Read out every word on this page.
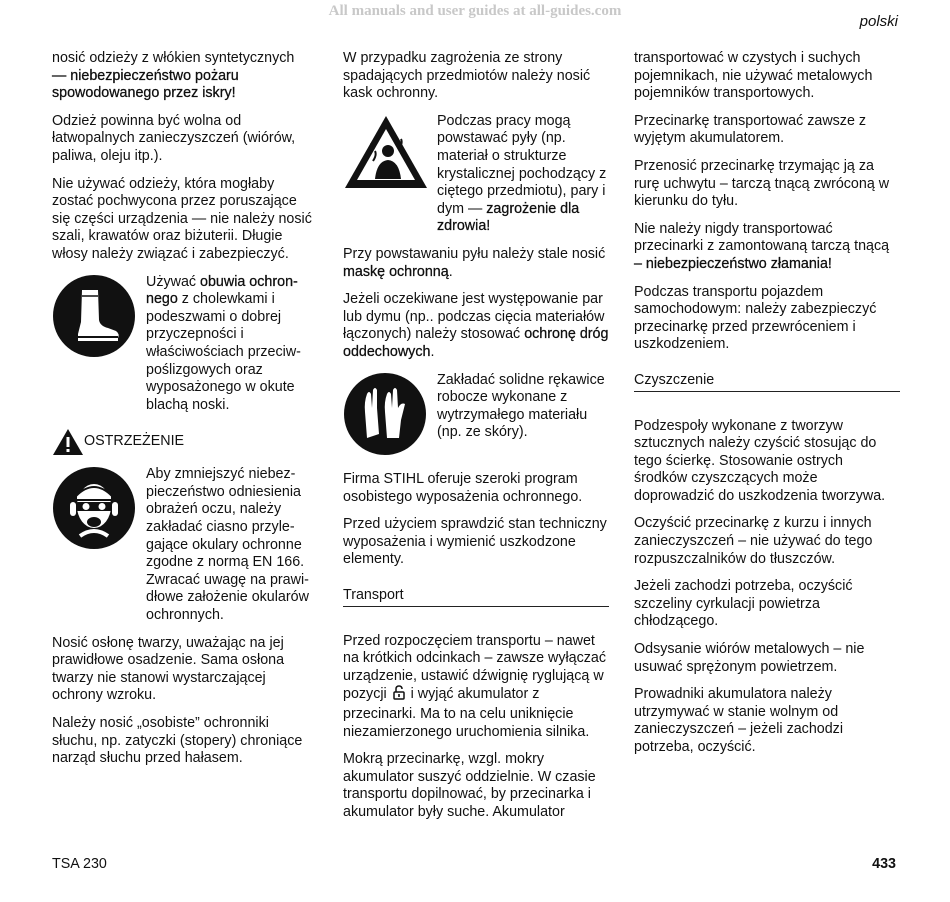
All manuals and user guides at all-guides.com
polski

nosić odzieży z włókien syntetycznych
— niebezpieczeństwo pożaru spowodowanego przez iskry!

Odzież powinna być wolna od łatwopalnych zanieczyszczeń (wiórów, paliwa, oleju itp.).

Nie używać odzieży, która mogłaby zostać pochwycona przez poruszające się części urządzenia — nie należy nosić szali, krawatów oraz biżuterii. Długie włosy należy związać i zabezpieczyć.

Używać obuwia ochronnego z cholewkami i podeszwami o dobrej przyczepności i właściwościach przeciwpoślizgowych oraz wyposażonego w okute blachą noski.

OSTRZEŻENIE

Aby zmniejszyć niebezpieczeństwo odniesienia obrażeń oczu, należy zakładać ciasno przylegające okulary ochronne zgodne z normą EN 166. Zwracać uwagę na prawidłowe założenie okularów ochronnych.

Nosić osłonę twarzy, uważając na jej prawidłowe osadzenie. Sama osłona twarzy nie stanowi wystarczającej ochrony wzroku.

Należy nosić „osobiste” ochronniki słuchu, np. zatyczki (stopery) chroniące narząd słuchu przed hałasem.

W przypadku zagrożenia ze strony spadających przedmiotów należy nosić kask ochronny.

Podczas pracy mogą powstawać pyły (np. materiał o strukturze krystalicznej pochodzący z ciętego przedmiotu), pary i dym — zagrożenie dla zdrowia!

Przy powstawaniu pyłu należy stale nosić maskę ochronną.

Jeżeli oczekiwane jest występowanie par lub dymu (np.. podczas cięcia materiałów łączonych) należy stosować ochronę dróg oddechowych.

Zakładać solidne rękawice robocze wykonane z wytrzymałego materiału (np. ze skóry).

Firma STIHL oferuje szeroki program osobistego wyposażenia ochronnego.

Przed użyciem sprawdzić stan techniczny wyposażenia i wymienić uszkodzone elementy.

Transport

Przed rozpoczęciem transportu – nawet na krótkich odcinkach – zawsze wyłączać urządzenie, ustawić dźwignię ryglującą w pozycji  i wyjąć akumulator z przecinarki. Ma to na celu uniknięcie niezamierzonego uruchomienia silnika.

Mokrą przecinarkę, wzgl. mokry akumulator suszyć oddzielnie. W czasie transportu dopilnować, by przecinarka i akumulator były suche. Akumulator

transportować w czystych i suchych pojemnikach, nie używać metalowych pojemników transportowych.

Przecinarkę transportować zawsze z wyjętym akumulatorem.

Przenosić przecinarkę trzymając ją za rurę uchwytu – tarczą tnącą zwróconą w kierunku do tyłu.

Nie należy nigdy transportować przecinarki z zamontowaną tarczą tnącą – niebezpieczeństwo złamania!

Podczas transportu pojazdem samochodowym: należy zabezpieczyć przecinarkę przed przewróceniem i uszkodzeniem.

Czyszczenie

Podzespoły wykonane z tworzyw sztucznych należy czyścić stosując do tego ścierkę. Stosowanie ostrych środków czyszczących może doprowadzić do uszkodzenia tworzywa.

Oczyścić przecinarkę z kurzu i innych zanieczyszczeń – nie używać do tego rozpuszczalników do tłuszczów.

Jeżeli zachodzi potrzeba, oczyścić szczeliny cyrkulacji powietrza chłodzącego.

Odsysanie wiórów metalowych – nie usuwać sprężonym powietrzem.

Prowadniki akumulatora należy utrzymywać w stanie wolnym od zanieczyszczeń – jeżeli zachodzi potrzeba, oczyścić.

TSA 230	433
